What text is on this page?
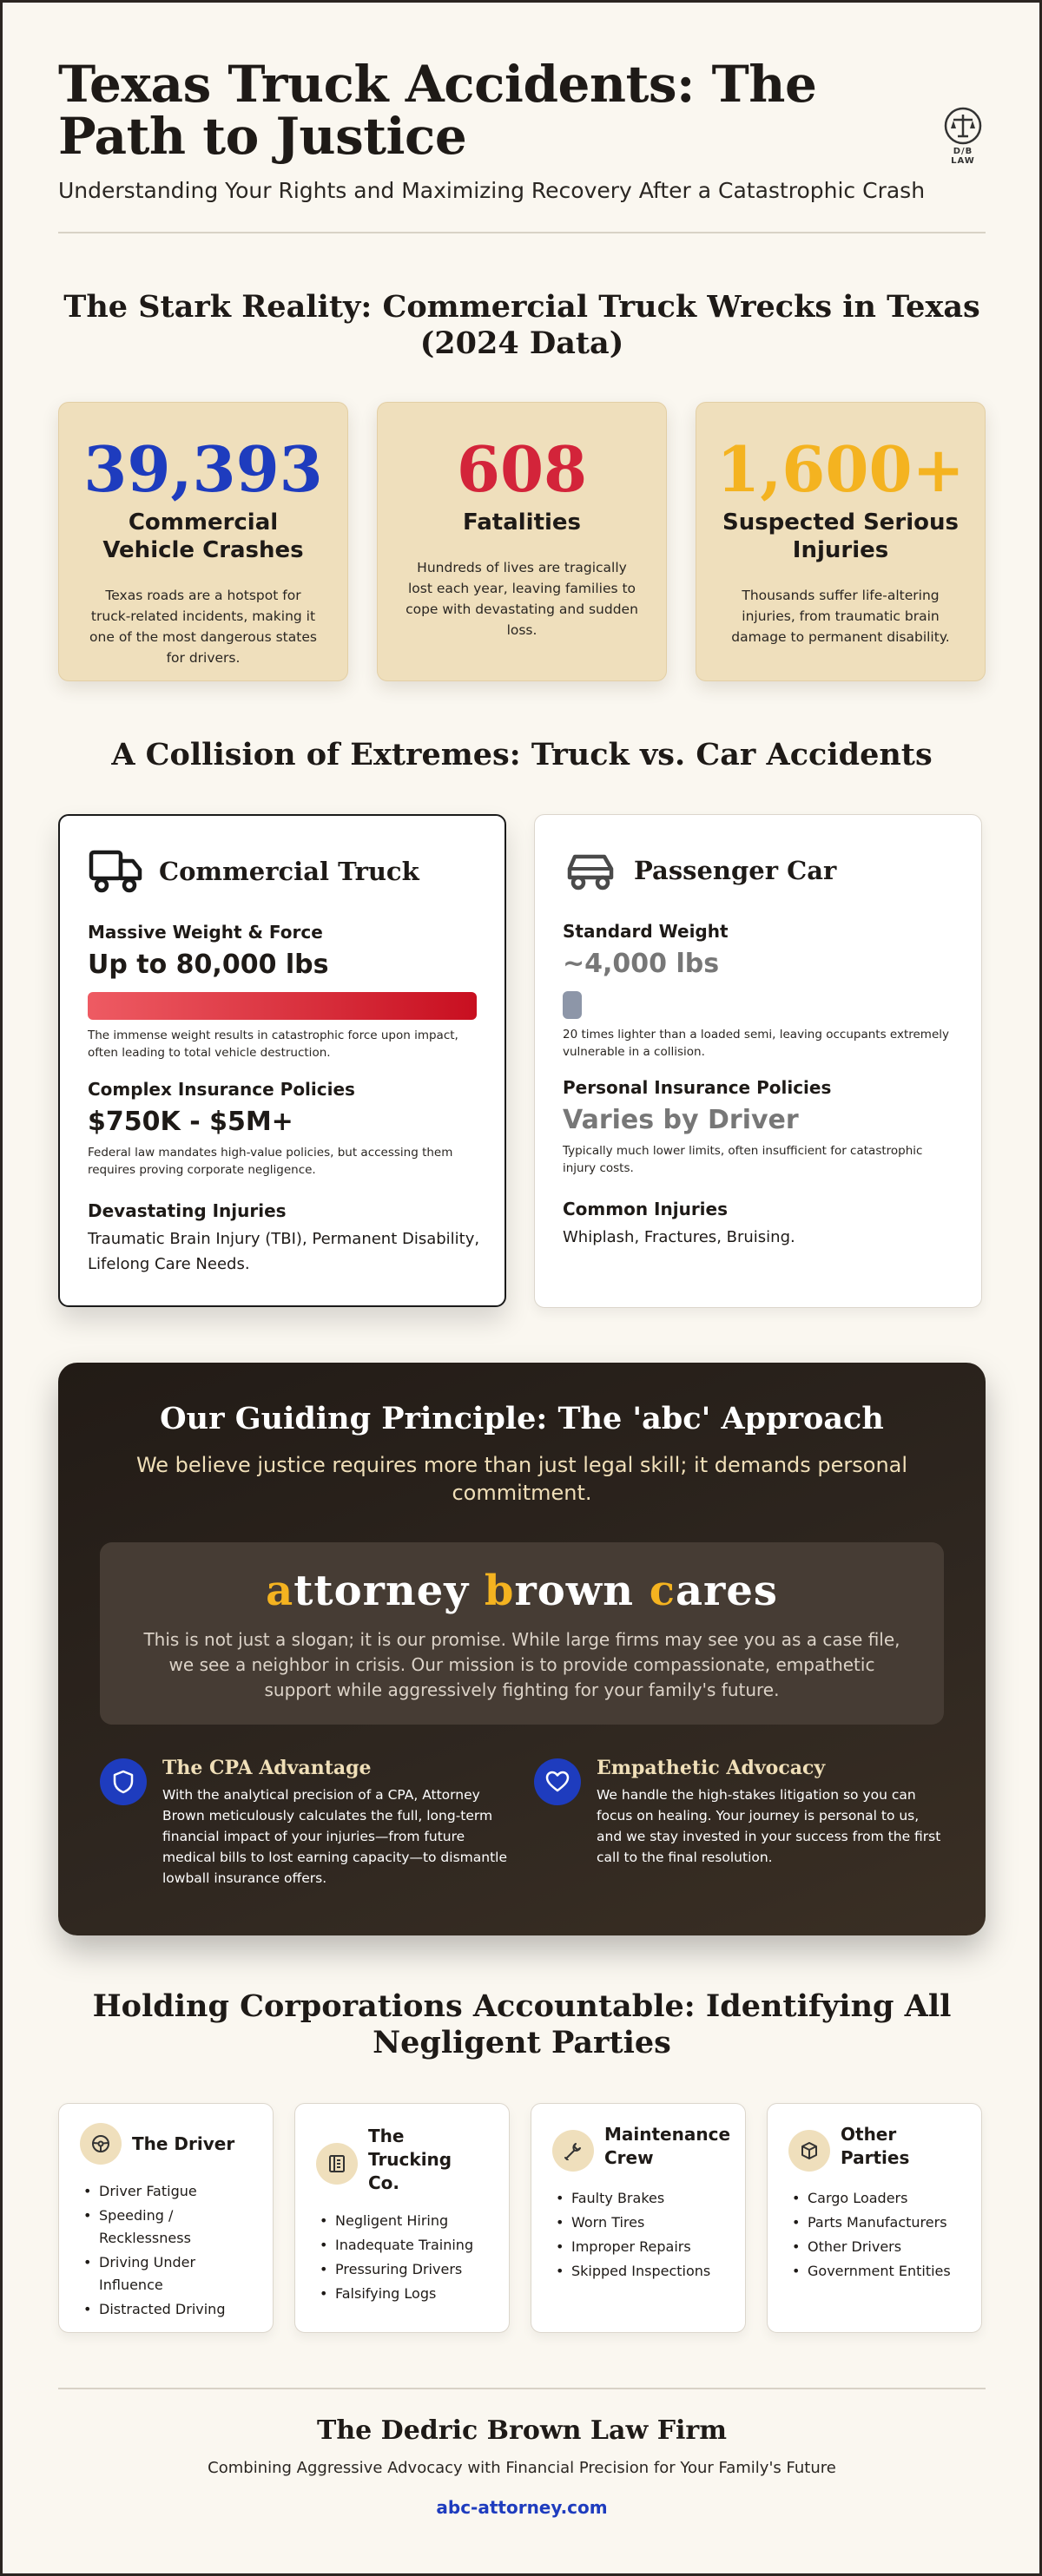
Texas Truck Accidents: The Path to Justice
Understanding Your Rights and Maximizing Recovery After a Catastrophic Crash
D/B LAW
The Stark Reality: Commercial Truck Wrecks in Texas (2024 Data)
39,393
Commercial Vehicle Crashes
Texas roads are a hotspot for truck-related incidents, making it one of the most dangerous states for drivers.
608
Fatalities
Hundreds of lives are tragically lost each year, leaving families to cope with devastating and sudden loss.
1,600+
Suspected Serious Injuries
Thousands suffer life-altering injuries, from traumatic brain damage to permanent disability.
A Collision of Extremes: Truck vs. Car Accidents
Commercial Truck
Massive Weight & Force
Up to 80,000 lbs
The immense weight results in catastrophic force upon impact, often leading to total vehicle destruction.
Complex Insurance Policies
$750K - $5M+
Federal law mandates high-value policies, but accessing them requires proving corporate negligence.
Devastating Injuries
Traumatic Brain Injury (TBI), Permanent Disability, Lifelong Care Needs.
Passenger Car
Standard Weight
~4,000 lbs
20 times lighter than a loaded semi, leaving occupants extremely vulnerable in a collision.
Personal Insurance Policies
Varies by Driver
Typically much lower limits, often insufficient for catastrophic injury costs.
Common Injuries
Whiplash, Fractures, Bruising.
Our Guiding Principle: The 'abc' Approach
We believe justice requires more than just legal skill; it demands personal commitment.
attorney brown cares
This is not just a slogan; it is our promise. While large firms may see you as a case file, we see a neighbor in crisis. Our mission is to provide compassionate, empathetic support while aggressively fighting for your family's future.
The CPA Advantage
With the analytical precision of a CPA, Attorney Brown meticulously calculates the full, long-term financial impact of your injuries—from future medical bills to lost earning capacity—to dismantle lowball insurance offers.
Empathetic Advocacy
We handle the high-stakes litigation so you can focus on healing. Your journey is personal to us, and we stay invested in your success from the first call to the final resolution.
Holding Corporations Accountable: Identifying All Negligent Parties
The Driver
• Driver Fatigue
• Speeding / Recklessness
• Driving Under Influence
• Distracted Driving
The Trucking Co.
• Negligent Hiring
• Inadequate Training
• Pressuring Drivers
• Falsifying Logs
Maintenance Crew
• Faulty Brakes
• Worn Tires
• Improper Repairs
• Skipped Inspections
Other Parties
• Cargo Loaders
• Parts Manufacturers
• Other Drivers
• Government Entities
The Dedric Brown Law Firm
Combining Aggressive Advocacy with Financial Precision for Your Family's Future
abc-attorney.com
